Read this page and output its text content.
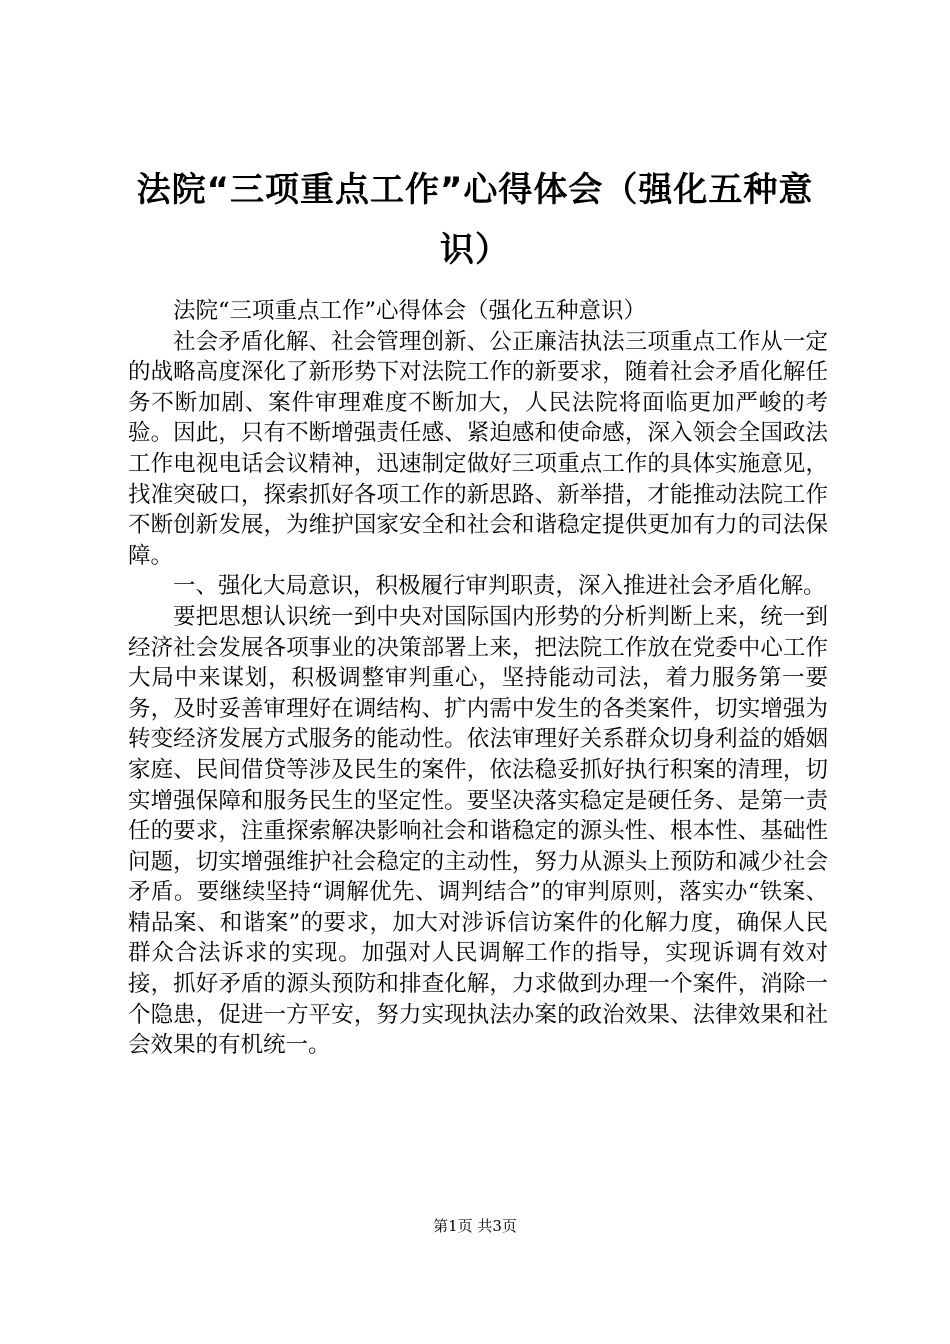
法院“三项重点工作”心得体会（强化五种意识）

法院“三项重点工作”心得体会（强化五种意识）

社会矛盾化解、社会管理创新、公正廉洁执法三项重点工作从一定的战略高度深化了新形势下对法院工作的新要求，随着社会矛盾化解任务不断加剧、案件审理难度不断加大，人民法院将面临更加严峻的考验。因此，只有不断增强责任感、紧迫感和使命感，深入领会全国政法工作电视电话会议精神，迅速制定做好三项重点工作的具体实施意见，找准突破口，探索抓好各项工作的新思路、新举措，才能推动法院工作不断创新发展，为维护国家安全和社会和谐稳定提供更加有力的司法保障。

一、强化大局意识，积极履行审判职责，深入推进社会矛盾化解。

要把思想认识统一到中央对国际国内形势的分析判断上来，统一到经济社会发展各项事业的决策部署上来，把法院工作放在党委中心工作大局中来谋划，积极调整审判重心，坚持能动司法，着力服务第一要务，及时妥善审理好在调结构、扩内需中发生的各类案件，切实增强为转变经济发展方式服务的能动性。依法审理好关系群众切身利益的婚姻家庭、民间借贷等涉及民生的案件，依法稳妥抓好执行积案的清理，切实增强保障和服务民生的坚定性。要坚决落实稳定是硬任务、是第一责任的要求，注重探索解决影响社会和谐稳定的源头性、根本性、基础性问题，切实增强维护社会稳定的主动性，努力从源头上预防和减少社会矛盾。要继续坚持“调解优先、调判结合”的审判原则，落实办“铁案、精品案、和谐案”的要求，加大对涉诉信访案件的化解力度，确保人民群众合法诉求的实现。加强对人民调解工作的指导，实现诉调有效对接，抓好矛盾的源头预防和排查化解，力求做到办理一个案件，消除一个隐患，促进一方平安，努力实现执法办案的政治效果、法律效果和社会效果的有机统一。

第1页 共3页
